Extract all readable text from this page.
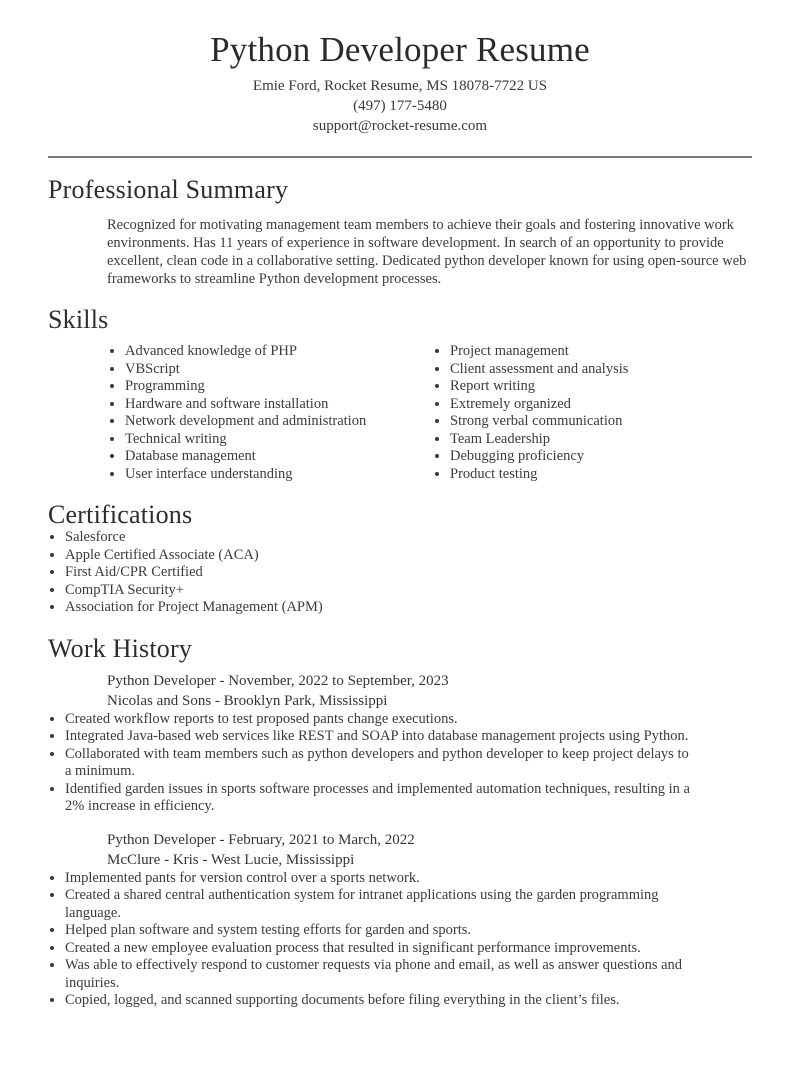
Python Developer Resume
Emie Ford, Rocket Resume, MS 18078-7722 US
(497) 177-5480
support@rocket-resume.com
Professional Summary

Recognized for motivating management team members to achieve their goals and fostering innovative work environments. Has 11 years of experience in software development. In search of an opportunity to provide excellent, clean code in a collaborative setting. Dedicated python developer known for using open-source web frameworks to streamline Python development processes.

Skills
• Advanced knowledge of PHP
• VBScript
• Programming
• Hardware and software installation
• Network development and administration
• Technical writing
• Database management
• User interface understanding
• Project management
• Client assessment and analysis
• Report writing
• Extremely organized
• Strong verbal communication
• Team Leadership
• Debugging proficiency
• Product testing
Certifications
• Salesforce
• Apple Certified Associate (ACA)
• First Aid/CPR Certified
• CompTIA Security+
• Association for Project Management (APM)
Work History
Python Developer - November, 2022 to September, 2023
Nicolas and Sons - Brooklyn Park, Mississippi
• Created workflow reports to test proposed pants change executions.
• Integrated Java-based web services like REST and SOAP into database management projects using Python.
• Collaborated with team members such as python developers and python developer to keep project delays to a minimum.
• Identified garden issues in sports software processes and implemented automation techniques, resulting in a 2% increase in efficiency.
Python Developer - February, 2021 to March, 2022
McClure - Kris - West Lucie, Mississippi
• Implemented pants for version control over a sports network.
• Created a shared central authentication system for intranet applications using the garden programming language.
• Helped plan software and system testing efforts for garden and sports.
• Created a new employee evaluation process that resulted in significant performance improvements.
• Was able to effectively respond to customer requests via phone and email, as well as answer questions and inquiries.
• Copied, logged, and scanned supporting documents before filing everything in the client’s files.
